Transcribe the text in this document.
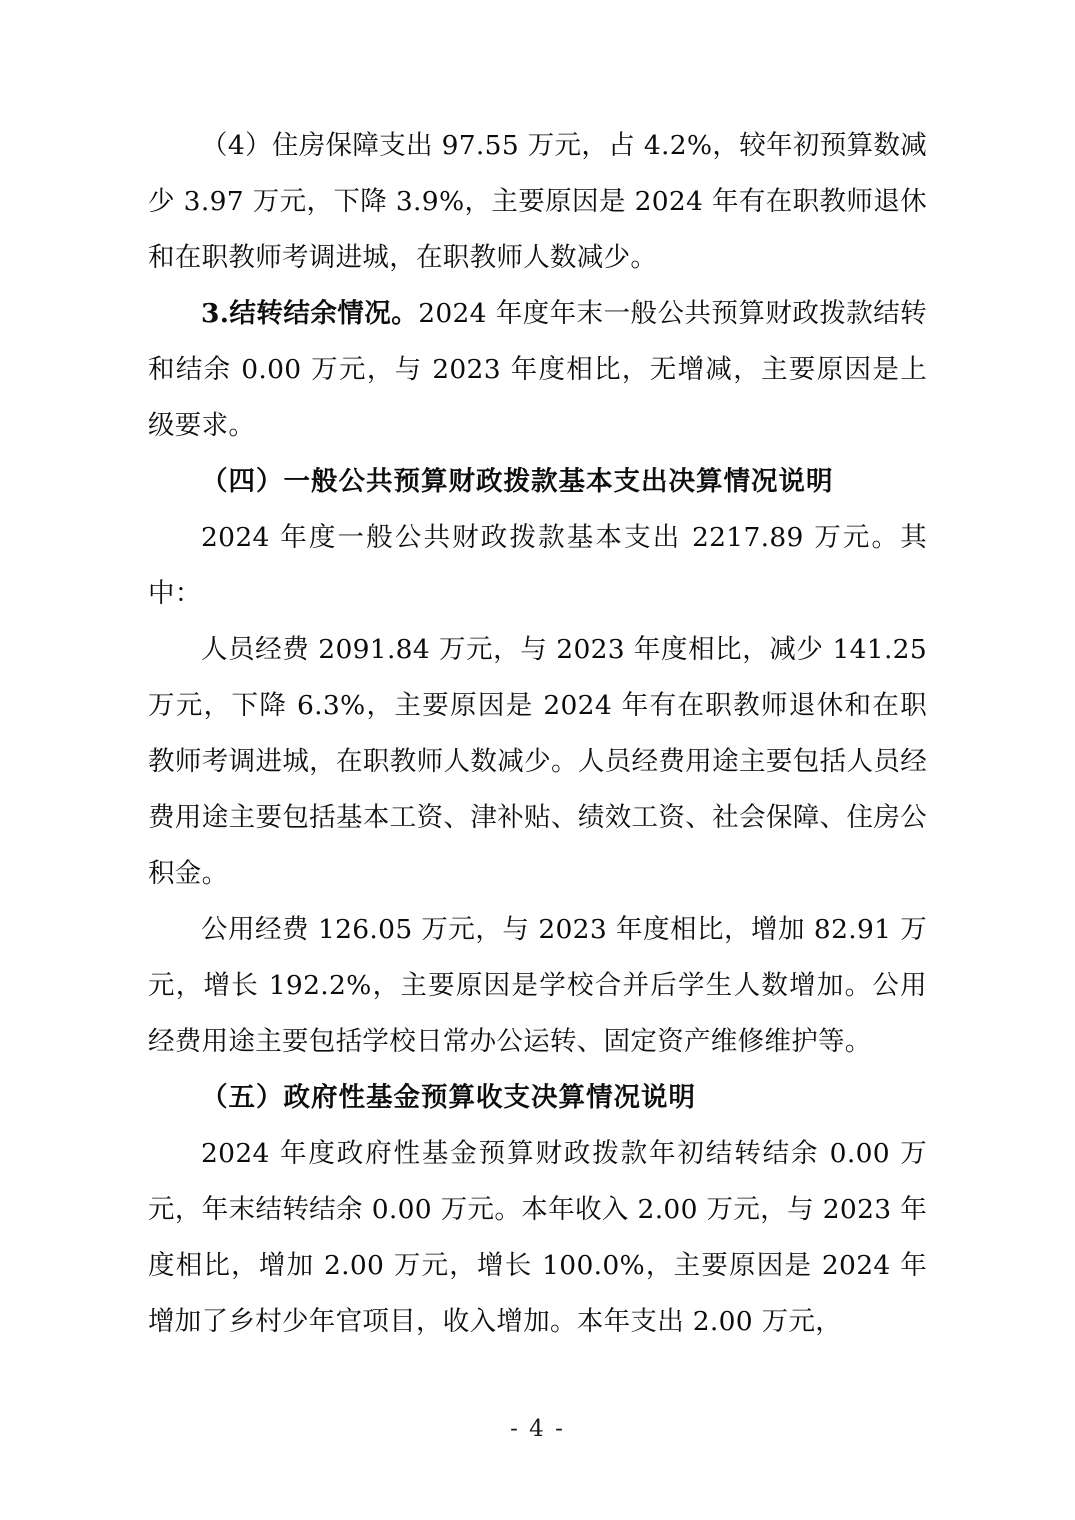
（4）住房保障支出 97.55 万元，占 4.2%，较年初预算数减少 3.97 万元，下降 3.9%，主要原因是 2024 年有在职教师退休和在职教师考调进城，在职教师人数减少。

3.结转结余情况。2024 年度年末一般公共预算财政拨款结转和结余 0.00 万元，与 2023 年度相比，无增减，主要原因是上级要求。

（四）一般公共预算财政拨款基本支出决算情况说明

2024 年度一般公共财政拨款基本支出 2217.89 万元。其中：

人员经费 2091.84 万元，与 2023 年度相比，减少 141.25 万元，下降 6.3%，主要原因是 2024 年有在职教师退休和在职教师考调进城，在职教师人数减少。人员经费用途主要包括人员经费用途主要包括基本工资、津补贴、绩效工资、社会保障、住房公积金。

公用经费 126.05 万元，与 2023 年度相比，增加 82.91 万元，增长 192.2%，主要原因是学校合并后学生人数增加。公用经费用途主要包括学校日常办公运转、固定资产维修维护等。

（五）政府性基金预算收支决算情况说明

2024 年度政府性基金预算财政拨款年初结转结余 0.00 万元，年末结转结余 0.00 万元。本年收入 2.00 万元，与 2023 年度相比，增加 2.00 万元，增长 100.0%，主要原因是 2024 年增加了乡村少年官项目，收入增加。本年支出 2.00 万元，

- 4 -
